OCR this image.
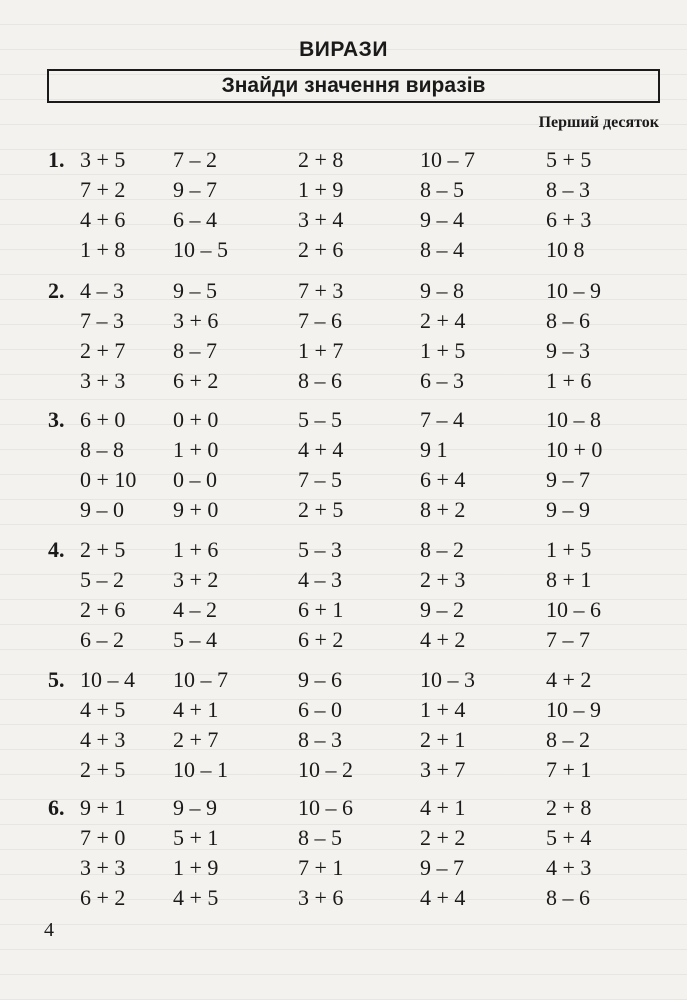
ВИРАЗИ
Знайди значення виразів
Перший десяток
1. 3 + 5
7 + 2
4 + 6
1 + 8
7 – 2
9 – 7
6 – 4
10 – 5
2 + 8
1 + 9
3 + 4
2 + 6
10 – 7
8 – 5
9 – 4
8 – 4
5 + 5
8 – 3
6 + 3
10 8
2. 4 – 3
7 – 3
2 + 7
3 + 3
9 – 5
3 + 6
8 – 7
6 + 2
7 + 3
7 – 6
1 + 7
8 – 6
9 – 8
2 + 4
1 + 5
6 – 3
10 – 9
8 – 6
9 – 3
1 + 6
3. 6 + 0
8 – 8
0 + 10
9 – 0
0 + 0
1 + 0
0 – 0
9 + 0
5 – 5
4 + 4
7 – 5
2 + 5
7 – 4
9 1
6 + 4
8 + 2
10 – 8
10 + 0
9 – 7
9 – 9
4. 2 + 5
5 – 2
2 + 6
6 – 2
1 + 6
3 + 2
4 – 2
5 – 4
5 – 3
4 – 3
6 + 1
6 + 2
8 – 2
2 + 3
9 – 2
4 + 2
1 + 5
8 + 1
10 – 6
7 – 7
5. 10 – 4
4 + 5
4 + 3
2 + 5
10 – 7
4 + 1
2 + 7
10 – 1
9 – 6
6 – 0
8 – 3
10 – 2
10 – 3
1 + 4
2 + 1
3 + 7
4 + 2
10 – 9
8 – 2
7 + 1
6. 9 + 1
7 + 0
3 + 3
6 + 2
9 – 9
5 + 1
1 + 9
4 + 5
10 – 6
8 – 5
7 + 1
3 + 6
4 + 1
2 + 2
9 – 7
4 + 4
2 + 8
5 + 4
4 + 3
8 – 6
4
